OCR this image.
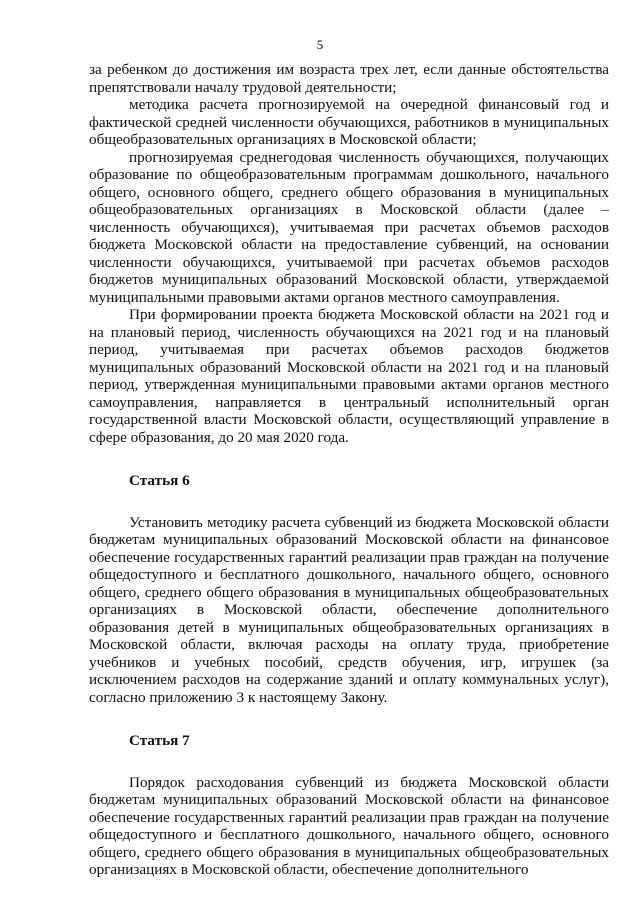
5

за ребенком до достижения им возраста трех лет, если данные обстоятельства препятствовали началу трудовой деятельности;

методика расчета прогнозируемой на очередной финансовый год и фактической средней численности обучающихся, работников в муниципальных общеобразовательных организациях в Московской области;

прогнозируемая среднегодовая численность обучающихся, получающих образование по общеобразовательным программам дошкольного, начального общего, основного общего, среднего общего образования в муниципальных общеобразовательных организациях в Московской области (далее – численность обучающихся), учитываемая при расчетах объемов расходов бюджета Московской области на предоставление субвенций, на основании численности обучающихся, учитываемой при расчетах объемов расходов бюджетов муниципальных образований Московской области, утверждаемой муниципальными правовыми актами органов местного самоуправления.

При формировании проекта бюджета Московской области на 2021 год и на плановый период, численность обучающихся на 2021 год и на плановый период, учитываемая при расчетах объемов расходов бюджетов муниципальных образований Московской области на 2021 год и на плановый период, утвержденная муниципальными правовыми актами органов местного самоуправления, направляется в центральный исполнительный орган государственной власти Московской области, осуществляющий управление в сфере образования, до 20 мая 2020 года.

Статья 6

Установить методику расчета субвенций из бюджета Московской области бюджетам муниципальных образований Московской области на финансовое обеспечение государственных гарантий реализации прав граждан на получение общедоступного и бесплатного дошкольного, начального общего, основного общего, среднего общего образования в муниципальных общеобразовательных организациях в Московской области, обеспечение дополнительного образования детей в муниципальных общеобразовательных организациях в Московской области, включая расходы на оплату труда, приобретение учебников и учебных пособий, средств обучения, игр, игрушек (за исключением расходов на содержание зданий и оплату коммунальных услуг), согласно приложению 3 к настоящему Закону.

Статья 7

Порядок расходования субвенций из бюджета Московской области бюджетам муниципальных образований Московской области на финансовое обеспечение государственных гарантий реализации прав граждан на получение общедоступного и бесплатного дошкольного, начального общего, основного общего, среднего общего образования в муниципальных общеобразовательных организациях в Московской области, обеспечение дополнительного
